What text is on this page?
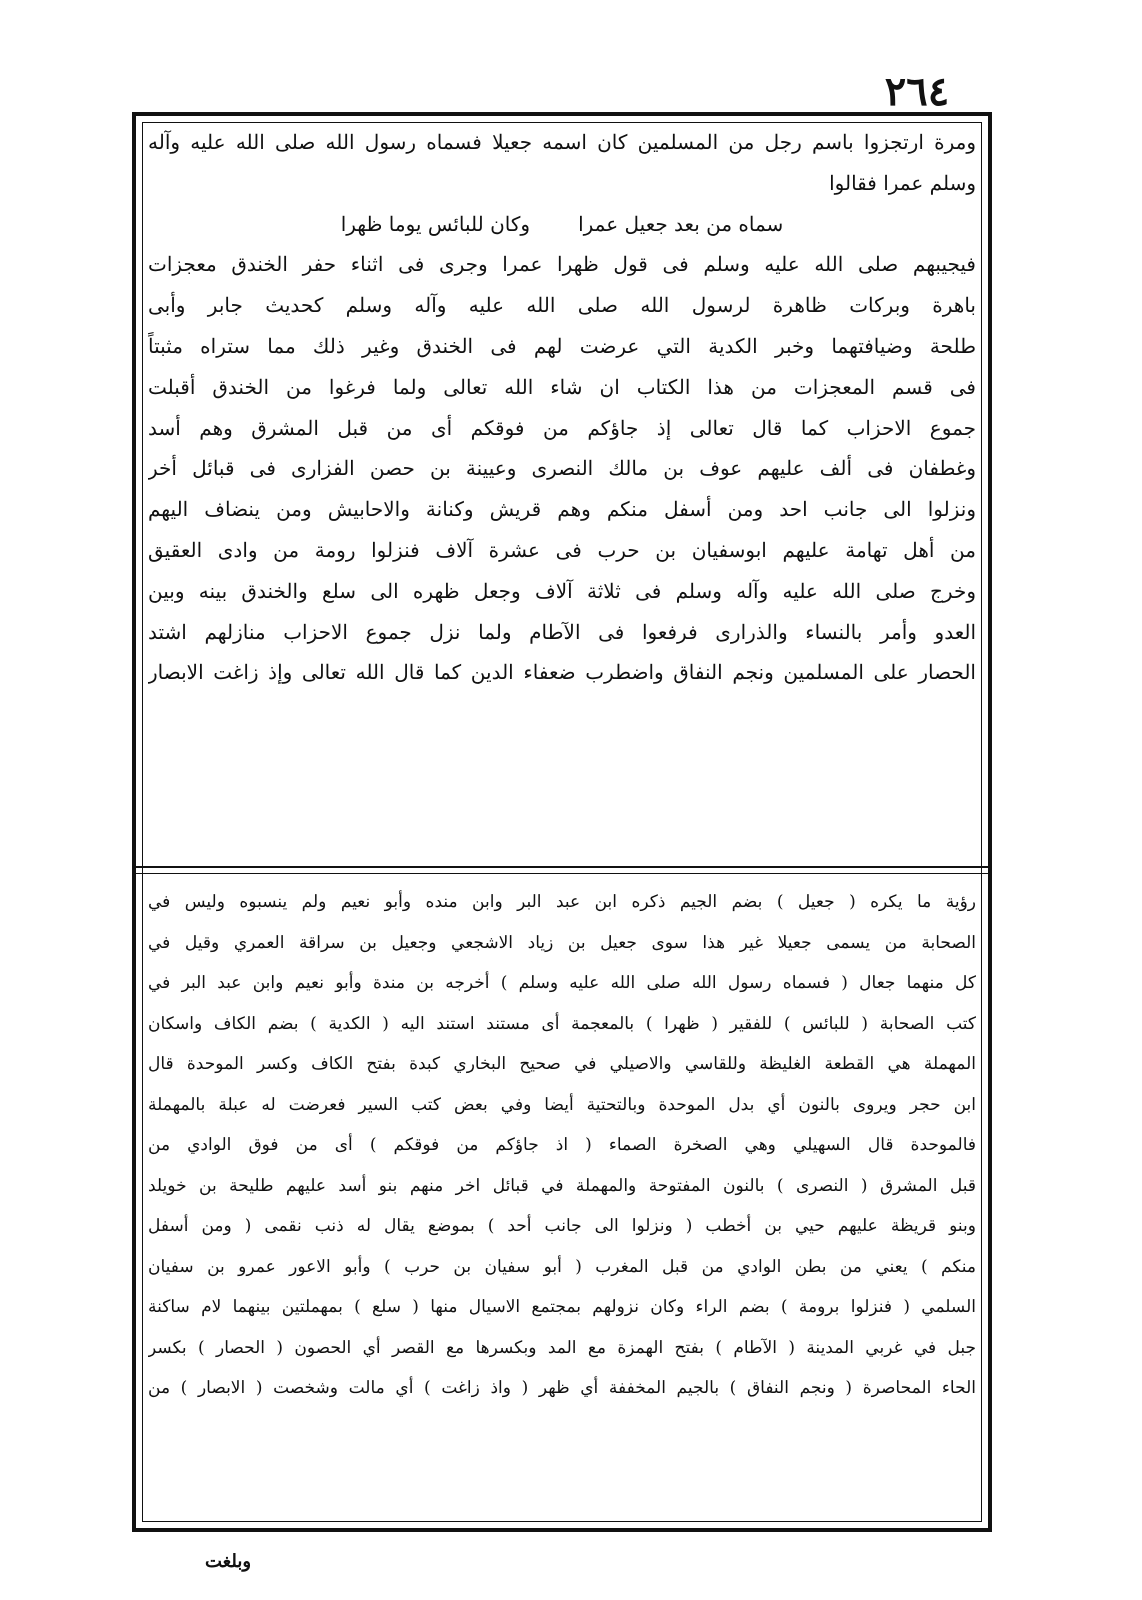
٢٦٤
ومرة ارتجزوا باسم رجل من المسلمين كان اسمه جعيلا فسماه رسول الله صلى الله عليه وآله
وسلم عمرا فقالوا
سماه من بعد جعيل عمرا
وكان للبائس يوما ظهرا
فيجيبهم صلى الله عليه وسلم فى قول ظهرا عمرا وجرى فى اثناء حفر الخندق معجزات
باهرة وبركات ظاهرة لرسول الله صلى الله عليه وآله وسلم كحديث جابر وأبى
طلحة وضيافتهما وخبر الكدية التي عرضت لهم فى الخندق وغير ذلك مما ستراه مثبتاً
فى قسم المعجزات من هذا الكتاب ان شاء الله تعالى ولما فرغوا من الخندق أقبلت
جموع الاحزاب كما قال تعالى إذ جاؤكم من فوقكم أى من قبل المشرق وهم أسد
وغطفان فى ألف عليهم عوف بن مالك النصرى وعيينة بن حصن الفزارى فى قبائل أخر
ونزلوا الى جانب احد ومن أسفل منكم وهم قريش وكنانة والاحابيش ومن ينضاف اليهم
من أهل تهامة عليهم ابوسفيان بن حرب فى عشرة آلاف فنزلوا رومة من وادى العقيق
وخرج صلى الله عليه وآله وسلم فى ثلاثة آلاف وجعل ظهره الى سلع والخندق بينه وبين
العدو وأمر بالنساء والذرارى فرفعوا فى الآطام ولما نزل جموع الاحزاب منازلهم اشتد
الحصار على المسلمين ونجم النفاق واضطرب ضعفاء الدين كما قال الله تعالى وإذ زاغت الابصار
رؤية ما يكره ( جعيل ) بضم الجيم ذكره ابن عبد البر وابن منده وأبو نعيم ولم ينسبوه وليس في
الصحابة من يسمى جعيلا غير هذا سوى جعيل بن زياد الاشجعي وجعيل بن سراقة العمري وقيل في
كل منهما جعال ( فسماه رسول الله صلى الله عليه وسلم ) أخرجه بن مندة وأبو نعيم وابن عبد البر في
كتب الصحابة ( للبائس ) للفقير ( ظهرا ) بالمعجمة أى مستند استند اليه ( الكدية ) بضم الكاف واسكان
المهملة هي القطعة الغليظة وللقاسي والاصيلي في صحيح البخاري كبدة بفتح الكاف وكسر الموحدة قال
ابن حجر ويروى بالنون أي بدل الموحدة وبالتحتية أيضا وفي بعض كتب السير فعرضت له عبلة بالمهملة
فالموحدة قال السهيلي وهي الصخرة الصماء ( اذ جاؤكم من فوقكم ) أى من فوق الوادي من
قبل المشرق ( النصرى ) بالنون المفتوحة والمهملة في قبائل اخر منهم بنو أسد عليهم طليحة بن خويلد
وبنو قريظة عليهم حيي بن أخطب ( ونزلوا الى جانب أحد ) بموضع يقال له ذنب نقمى ( ومن أسفل
منكم ) يعني من بطن الوادي من قبل المغرب ( أبو سفيان بن حرب ) وأبو الاعور عمرو بن سفيان
السلمي ( فنزلوا برومة ) بضم الراء وكان نزولهم بمجتمع الاسيال منها ( سلع ) بمهملتين بينهما لام ساكنة
جبل في غربي المدينة ( الآطام ) بفتح الهمزة مع المد وبكسرها مع القصر أي الحصون ( الحصار ) بكسر
الحاء المحاصرة ( ونجم النفاق ) بالجيم المخففة أي ظهر ( واذ زاغت ) أي مالت وشخصت ( الابصار ) من
وبلغت
